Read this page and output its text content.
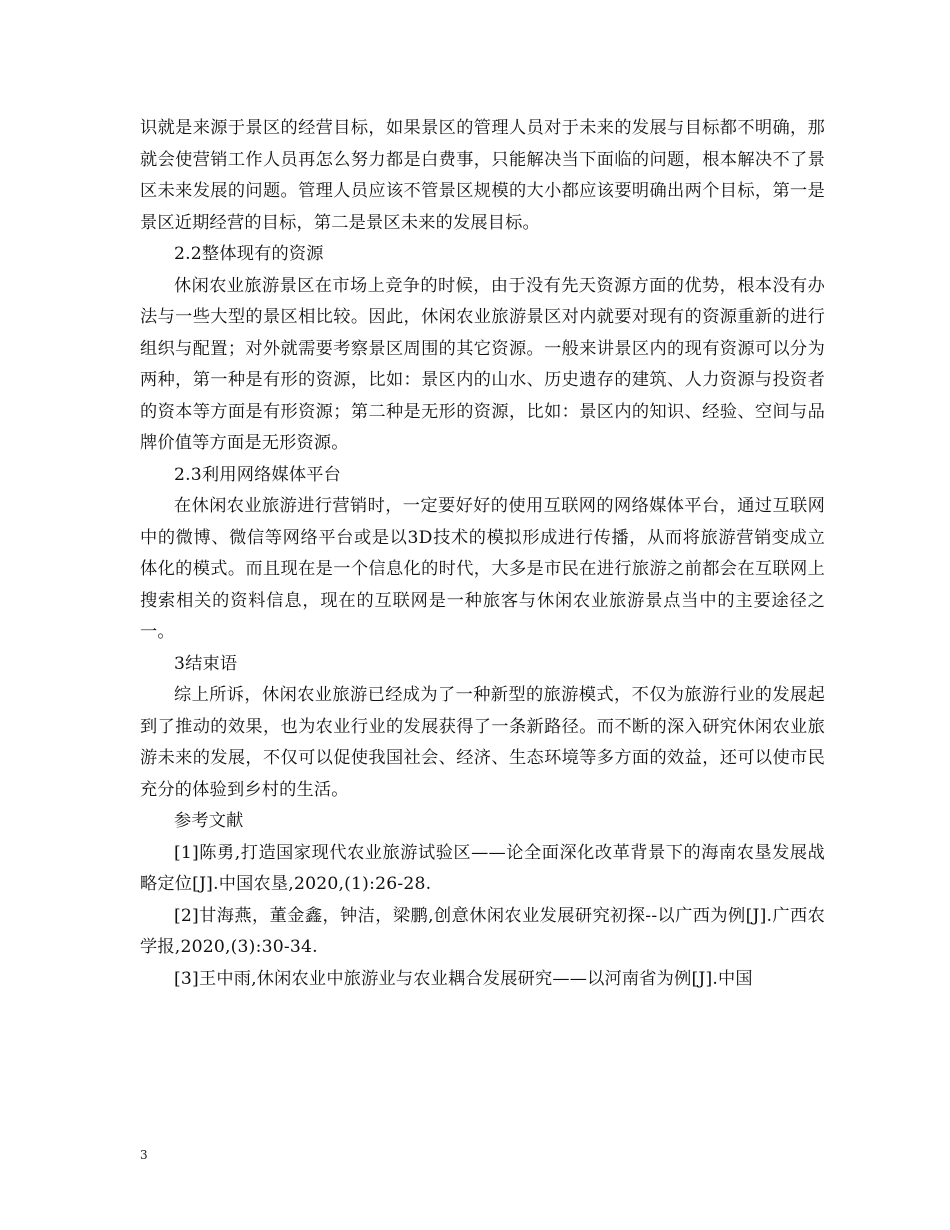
识就是来源于景区的经营目标，如果景区的管理人员对于未来的发展与目标都不明确，那就会使营销工作人员再怎么努力都是白费事，只能解决当下面临的问题，根本解决不了景区未来发展的问题。管理人员应该不管景区规模的大小都应该要明确出两个目标，第一是景区近期经营的目标，第二是景区未来的发展目标。

2.2整体现有的资源

休闲农业旅游景区在市场上竞争的时候，由于没有先天资源方面的优势，根本没有办法与一些大型的景区相比较。因此，休闲农业旅游景区对内就要对现有的资源重新的进行组织与配置；对外就需要考察景区周围的其它资源。一般来讲景区内的现有资源可以分为两种，第一种是有形的资源，比如：景区内的山水、历史遗存的建筑、人力资源与投资者的资本等方面是有形资源；第二种是无形的资源，比如：景区内的知识、经验、空间与品牌价值等方面是无形资源。

2.3利用网络媒体平台

在休闲农业旅游进行营销时，一定要好好的使用互联网的网络媒体平台，通过互联网中的微博、微信等网络平台或是以3D技术的模拟形成进行传播，从而将旅游营销变成立体化的模式。而且现在是一个信息化的时代，大多是市民在进行旅游之前都会在互联网上搜索相关的资料信息，现在的互联网是一种旅客与休闲农业旅游景点当中的主要途径之一。

3结束语

综上所诉，休闲农业旅游已经成为了一种新型的旅游模式，不仅为旅游行业的发展起到了推动的效果，也为农业行业的发展获得了一条新路径。而不断的深入研究休闲农业旅游未来的发展，不仅可以促使我国社会、经济、生态环境等多方面的效益，还可以使市民充分的体验到乡村的生活。

参考文献

[1]陈勇,打造国家现代农业旅游试验区——论全面深化改革背景下的海南农垦发展战略定位[J].中国农垦,2020,(1):26-28.

[2]甘海燕，董金鑫，钟洁，梁鹏,创意休闲农业发展研究初探--以广西为例[J].广西农学报,2020,(3):30-34.

[3]王中雨,休闲农业中旅游业与农业耦合发展研究——以河南省为例[J].中国

3
